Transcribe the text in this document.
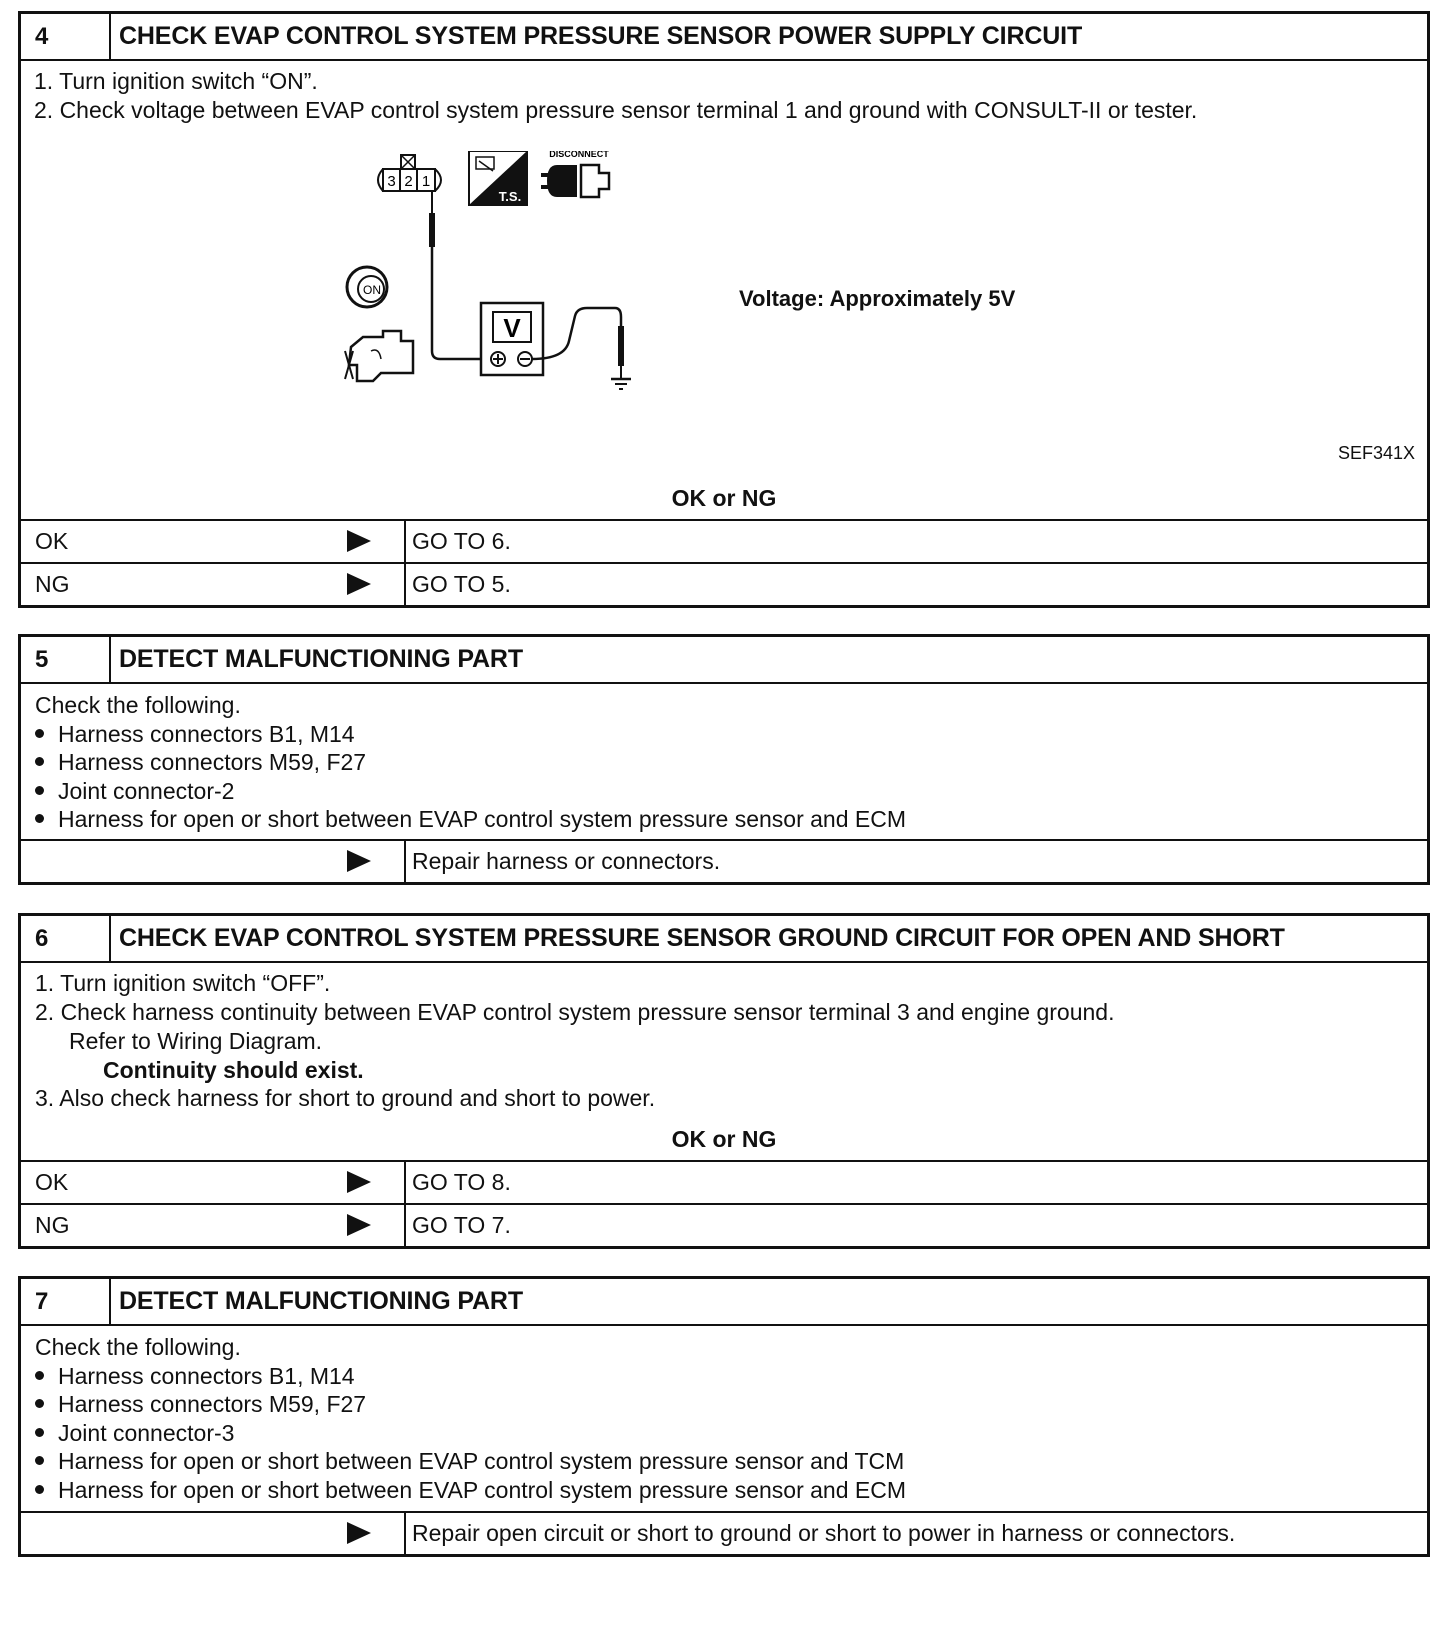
4	CHECK EVAP CONTROL SYSTEM PRESSURE SENSOR POWER SUPPLY CIRCUIT
1. Turn ignition switch “ON”.
2. Check voltage between EVAP control system pressure sensor terminal 1 and ground with CONSULT-II or tester.
3 2 1
V
ON
T.S.
DISCONNECT
Voltage: Approximately 5V
SEF341X
OK or NG
OK	GO TO 6.
NG	GO TO 5.
5	DETECT MALFUNCTIONING PART
Check the following.
Harness connectors B1, M14
Harness connectors M59, F27
Joint connector-2
Harness for open or short between EVAP control system pressure sensor and ECM
Repair harness or connectors.
6	CHECK EVAP CONTROL SYSTEM PRESSURE SENSOR GROUND CIRCUIT FOR OPEN AND SHORT
1. Turn ignition switch “OFF”.
2. Check harness continuity between EVAP control system pressure sensor terminal 3 and engine ground.
Refer to Wiring Diagram.
Continuity should exist.
3. Also check harness for short to ground and short to power.
OK or NG
OK	GO TO 8.
NG	GO TO 7.
7	DETECT MALFUNCTIONING PART
Check the following.
Harness connectors B1, M14
Harness connectors M59, F27
Joint connector-3
Harness for open or short between EVAP control system pressure sensor and TCM
Harness for open or short between EVAP control system pressure sensor and ECM
Repair open circuit or short to ground or short to power in harness or connectors.
